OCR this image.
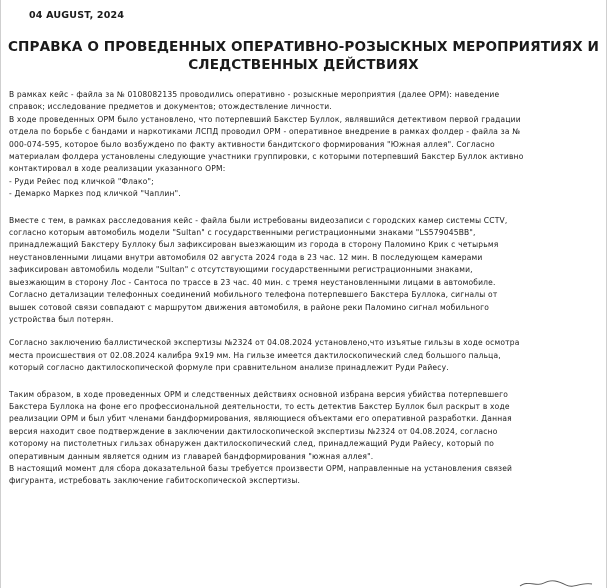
04 AUGUST, 2024
СПРАВКА О ПРОВЕДЕННЫХ ОПЕРАТИВНО-РОЗЫСКНЫХ МЕРОПРИЯТИЯХ И
СЛЕДСТВЕННЫХ ДЕЙСТВИЯХ

В рамках кейс - файла за № 0108082135 проводились оперативно - розыскные мероприятия (далее ОРМ): наведение
справок; исследование предметов и документов; отождествление личности.

В ходе проведенных ОРМ было установлено, что потерпевший Бакстер Буллок, являвшийся детективом первой градации
отдела по борьбе с бандами и наркотиками ЛСПД проводил ОРМ - оперативное внедрение в рамках фолдер - файла за №
000-074-595, которое было возбуждено по факту активности бандитского формирования "Южная аллея". Согласно
материалам фолдера установлены следующие участники группировки, с которыми потерпевший Бакстер Буллок активно
контактировал в ходе реализации указанного ОРМ:
- Руди Рейес под кличкой "Флако";
- Демарко Маркез под кличкой "Чаплин".

Вместе с тем, в рамках расследования кейс - файла были истребованы видеозаписи с городских камер системы CCTV,
согласно которым автомобиль модели "Sultan" с государственными регистрационными знаками "LS579045BB",
принадлежащий Бакстеру Буллоку был зафиксирован выезжающим из города в сторону Паломино Крик с четырьмя
неустановленными лицами внутри автомобиля 02 августа 2024 года в 23 час. 12 мин. В последующем камерами
зафиксирован автомобиль модели "Sultan" с отсутствующими государственными регистрационными знаками,
выезжающим в сторону Лос - Сантоса по трассе в 23 час. 40 мин. с тремя неустановленными лицами в автомобиле.
Согласно детализации телефонных соединений мобильного телефона потерпевшего Бакстера Буллока, сигналы от
вышек сотовой связи совпадают с маршрутом движения автомобиля, в районе реки Паломино сигнал мобильного
устройства был потерян.

Согласно заключению баллистической экспертизы №2324 от 04.08.2024 установлено,что изъятые гильзы в ходе осмотра
места происшествия от 02.08.2024 калибра 9х19 мм. На гильзе имеется дактилоскопический след большого пальца,
который согласно дактилоскопической формуле при сравнительном анализе принадлежит Руди Райесу.

Таким образом, в ходе проведенных ОРМ и следственных действиях основной избрана версия убийства потерпевшего
Бакстера Буллока на фоне его профессиональной деятельности, то есть детектив Бакстер Буллок был раскрыт в ходе
реализации ОРМ и был убит членами бандформирования, являющиеся объектами его оперативной разработки. Данная
версия находит свое подтверждение в заключении дактилоскопической экспертизы №2324 от 04.08.2024, согласно
которому на пистолетных гильзах обнаружен дактилоскопический след, принадлежащий Руди Райесу, который по
оперативным данным является одним из главарей бандформирования "южная аллея".

В настоящий момент для сбора доказательной базы требуется произвести ОРМ, направленные на установления связей
фигуранта, истребовать заключение габитоскопической экспертизы.
